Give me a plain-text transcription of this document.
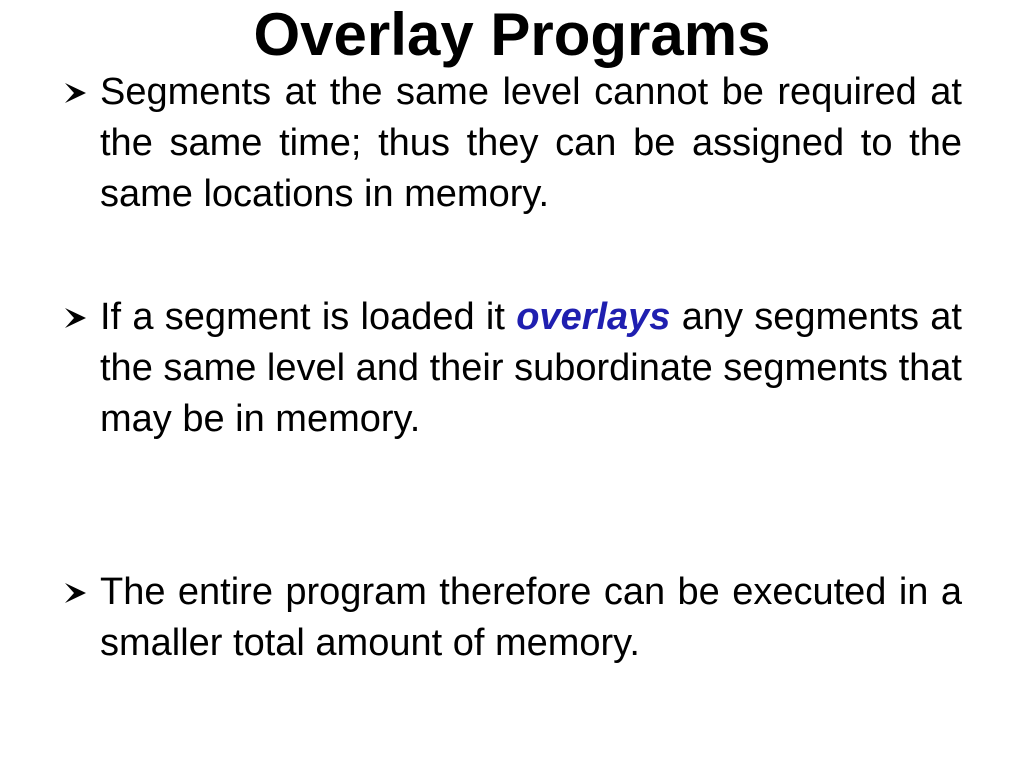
Overlay Programs
Segments at the same level cannot be required at the same time; thus they can be assigned to the same locations in memory.
If a segment is loaded it overlays any segments at the same level and their subordinate segments that may be in memory.
The entire program therefore can be executed in a smaller total amount of memory.
